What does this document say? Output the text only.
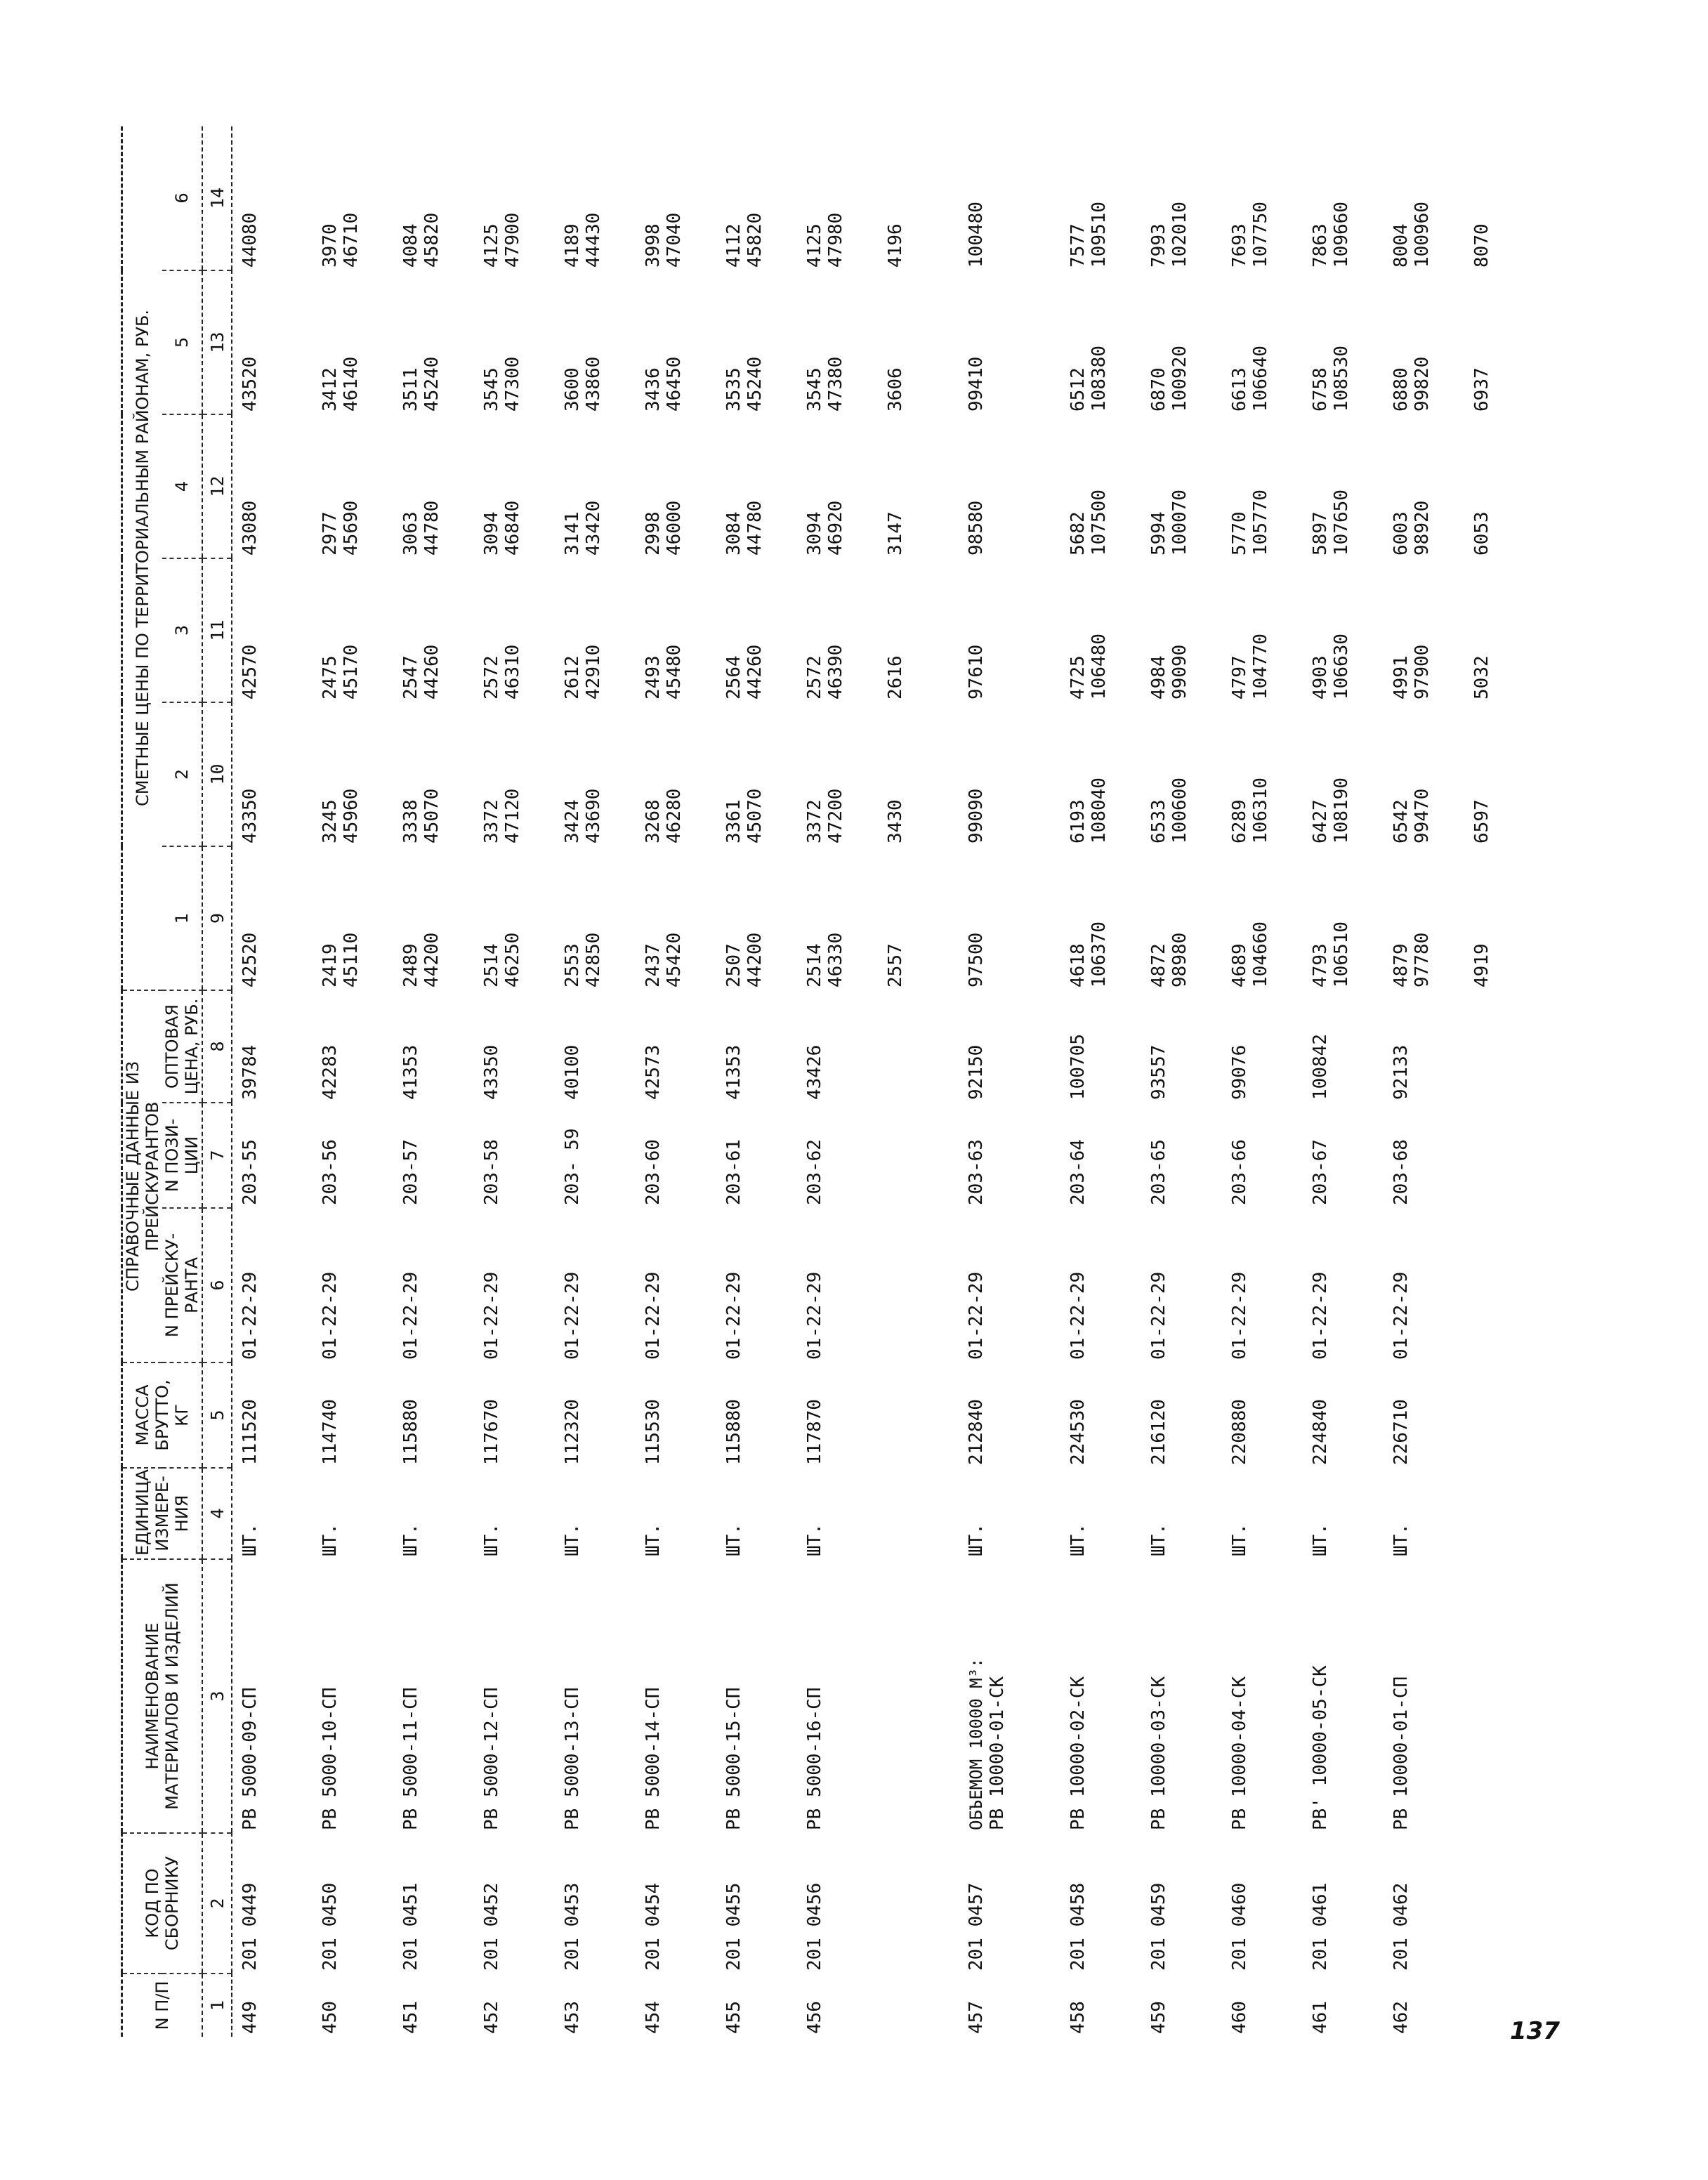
N П/П	КОД ПО СБОРНИКУ	НАИМЕНОВАНИЕ МАТЕРИАЛОВ И ИЗДЕЛИЙ	ЕДИНИЦА ИЗМЕРЕ- НИЯ	МАССА БРУТТО, КГ	СПРАВОЧНЫЕ ДАННЫЕ ИЗ ПРЕЙСКУРАНТОВ			СМЕТНЫЕ ЦЕНЫ ПО ТЕРРИТОРИАЛЬНЫМ РАЙОНАМ, РУБ.					
					N ПРЕЙСКУ- РАНТА	N ПОЗИ- ЦИИ	ОПТОВАЯ ЦЕНА, РУБ.	1	2	3	4	5	6
1	2	3	4	5	6	7	8	9	10	11	12	13	14
449	201 0449	РВ 5000-09-СП	ШТ.	111520	01-22-29	203-55	39784	42520	43350	42570	43080	43520	44080

450	201 0450	РВ 5000-10-СП	ШТ.	114740	01-22-29	203-56	42283	2419 45110	3245 45960	2475 45170	2977 45690	3412 46140	3970 46710

451	201 0451	РВ 5000-11-СП	ШТ.	115880	01-22-29	203-57	41353	2489 44200	3338 45070	2547 44260	3063 44780	3511 45240	4084 45820

452	201 0452	РВ 5000-12-СП	ШТ.	117670	01-22-29	203-58	43350	2514 46250	3372 47120	2572 46310	3094 46840	3545 47300	4125 47900

453	201 0453	РВ 5000-13-СП	ШТ.	112320	01-22-29	203- 59	40100	2553 42850	3424 43690	2612 42910	3141 43420	3600 43860	4189 44430

454	201 0454	РВ 5000-14-СП	ШТ.	115530	01-22-29	203-60	42573	2437 45420	3268 46280	2493 45480	2998 46000	3436 46450	3998 47040

455	201 0455	РВ 5000-15-СП	ШТ.	115880	01-22-29	203-61	41353	2507 44200	3361 45070	2564 44260	3084 44780	3535 45240	4112 45820

456	201 0456	РВ 5000-16-СП	ШТ.	117870	01-22-29	203-62	43426	2514 46330	3372 47200	2572 46390	3094 46920	3545 47380	4125 47980

								2557	3430	2616	3147	3606	4196

457	201 0457	ОБЪЕМОМ 10000 М³: РВ 10000-01-СК	ШТ.	212840	01-22-29	203-63	92150	97500	99090	97610	98580	99410	100480

458	201 0458	РВ 10000-02-СК	ШТ.	224530	01-22-29	203-64	100705	4618 106370	6193 108040	4725 106480	5682 107500	6512 108380	7577 109510

459	201 0459	РВ 10000-03-СК	ШТ.	216120	01-22-29	203-65	93557	4872 98980	6533 100600	4984 99090	5994 100070	6870 100920	7993 102010

460	201 0460	РВ 10000-04-СК	ШТ.	220880	01-22-29	203-66	99076	4689 104660	6289 106310	4797 104770	5770 105770	6613 106640	7693 107750

461	201 0461	РВ' 10000-05-СК	ШТ.	224840	01-22-29	203-67	100842	4793 106510	6427 108190	4903 106630	5897 107650	6758 108530	7863 109660

462	201 0462	РВ 10000-01-СП	ШТ.	226710	01-22-29	203-68	92133	4879 97780	6542 99470	4991 97900	6003 98920	6880 99820	8004 100960

								4919	6597	5032	6053	6937	8070
137
